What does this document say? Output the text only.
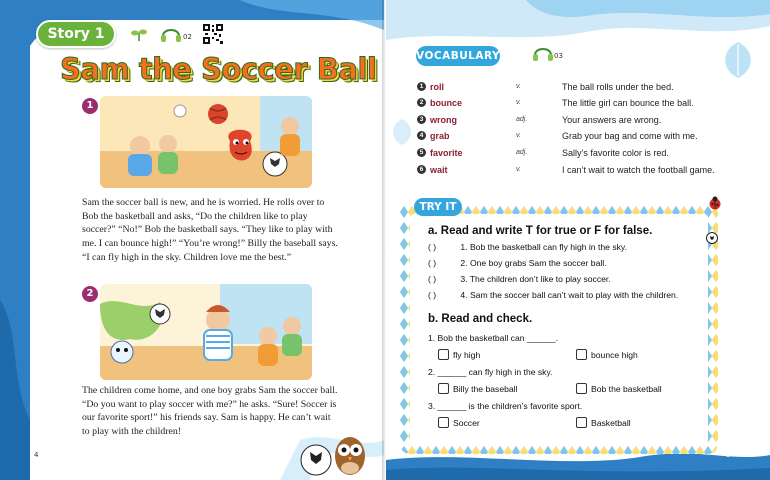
Story 1	02
Sam the Soccer Ball
1
Sam the soccer ball is new, and he is worried. He rolls over to Bob the basketball and asks, “Do the children like to play soccer?” “No!” Bob the basketball says. “They like to play with me. I can bounce high!” “You’re wrong!” Billy the baseball says. “I can fly high in the sky. Children love me the best.”
2
The children come home, and one boy grabs Sam the soccer ball. “Do you want to play soccer with me?” he asks. “Sure! Soccer is our favorite sport!” his friends say. Sam is happy. He can’t wait to play with the children!
4
VOCABULARY	03
1 roll	v.	The ball rolls under the bed.
2 bounce	v.	The little girl can bounce the ball.
3 wrong	adj.	Your answers are wrong.
4 grab	v.	Grab your bag and come with me.
5 favorite	adj.	Sally’s favorite color is red.
6 wait	v.	I can’t wait to watch the football game.
TRY IT
a. Read and write T for true or F for false.
( )	1. Bob the basketball can fly high in the sky.
( )	2. One boy grabs Sam the soccer ball.
( )	3. The children don’t like to play soccer.
( )	4. Sam the soccer ball can’t wait to play with the children.
b. Read and check.
1. Bob the basketball can ______.
fly high	bounce high
2. ______ can fly high in the sky.
Billy the baseball	Bob the basketball
3. ______ is the children’s favorite sport.
Soccer	Basketball
5
